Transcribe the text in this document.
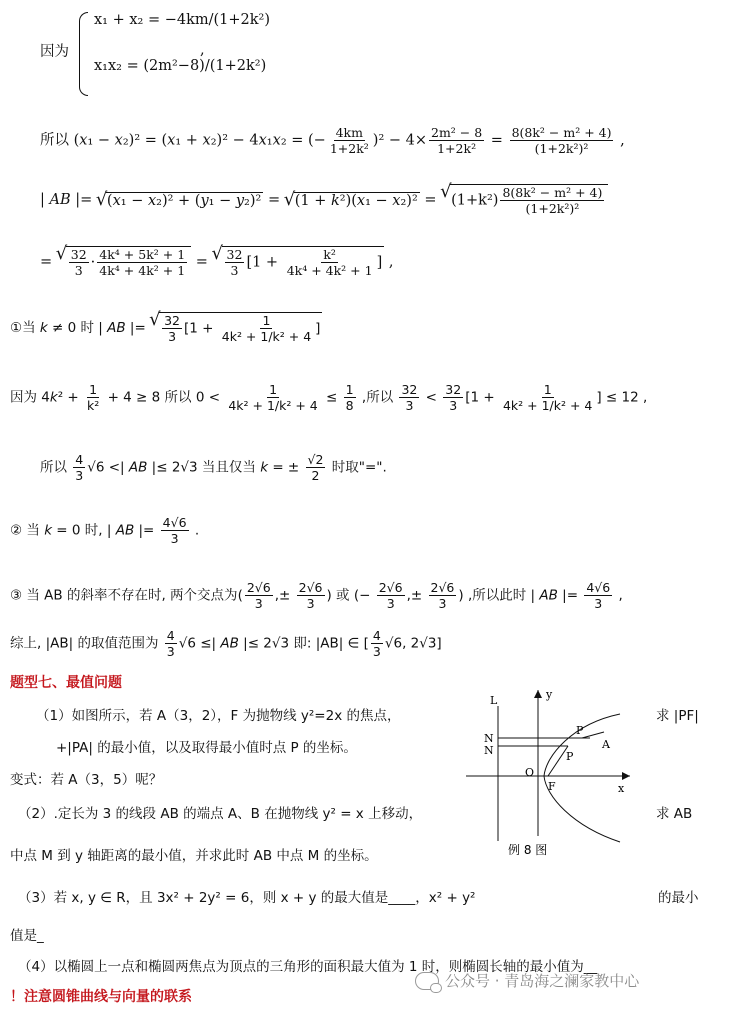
因为
x₁ + x₂ = −4km/(1+2k²)
x₁x₂ = (2m²−8)/(1+2k²)
,
所以 (x₁ − x₂)² = (x₁ + x₂)² − 4x₁x₂ = (− $\frac{4km}{\text{1+2k²}} )^2 - 4\times \frac{\text{2m² − 8}}{\text{1+2k²}} = \frac{\text{8(8k² − m² + 4)}}{\text{(1+2k²)²}}$ ,
| AB |= √ (x₁ − x₂)² + (y₁ − y₂)² = √ (1 + k²)(x₁ − x₂)² = √ $(1+k^2) \frac{\text{8(8k² − m² + 4)}}{\text{(1+2k²)²}}$
= √ $\frac{32}{3} \cdot \frac{\text{4k⁴ + 5k² + 1}}{\text{4k⁴ + 4k² + 1}}$ = √ $\frac{32}{3} [1 + \frac{\text{k²}}{\text{4k⁴ + 4k² + 1}}$ ] ,
①当 k ≠ 0 时 | AB |= √ $\frac{32}{3} [1 + \frac{1}{\text{4k² + 1/k² + 4}}$ ]
因为 $4k^2 + \frac{1}{\text{k²}} + 4 \ge 8$ 所以 $0 < \frac{1}{\text{4k² + 1/k² + 4}} \le \frac{1}{8}$ ,所以 $\frac{32}{3} < \frac{32}{3} [1 + \frac{1}{\text{4k² + 1/k² + 4}}$ ] ≤ 12 ,
所以 $\frac{4}{3} √6$ <| AB |≤ 2√3 当且仅当 k = ± $\frac{√2}{2}$ 时取"=".
② 当 k = 0 时, | AB |= $\frac{4√6}{3}$ .
③ 当 AB 的斜率不存在时, 两个交点为( $\frac{2√6}{3}$ ,± $\frac{2√6}{3}$ ) 或 (− $\frac{2√6}{3}$ ,± $\frac{2√6}{3}$ ) ,所以此时 | AB |= $\frac{4√6}{3}$ ,
综上, |AB| 的取值范围为 $\frac{4}{3} √6$ ≤| AB |≤ 2√3 即: |AB| ∈ [ $\frac{4}{3} √6$, 2√3]
题型七、最值问题
（1）如图所示，若 A（3，2），F 为抛物线 y²=2x 的焦点，	求 |PF|
+|PA| 的最小值，以及取得最小值时点 P 的坐标。
变式：若 A（3，5）呢？
（2）.定长为 3 的线段 AB 的端点 A、B 在抛物线 y² = x 上移动，	求 AB
中点 M 到 y 轴距离的最小值，并求此时 AB 中点 M 的坐标。
（3）若 x, y ∈ R，且 3x² + 2y² = 6，则 x + y 的最大值是____，x² + y²	的最小
值是_
（4）以椭圆上一点和椭圆两焦点为顶点的三角形的面积最大值为 1 时，则椭圆长轴的最小值为__
！注意圆锥曲线与向量的联系
L
N
N
P
P
A
O
F	x
y
例 8 图
公众号 · 青岛海之澜家教中心
